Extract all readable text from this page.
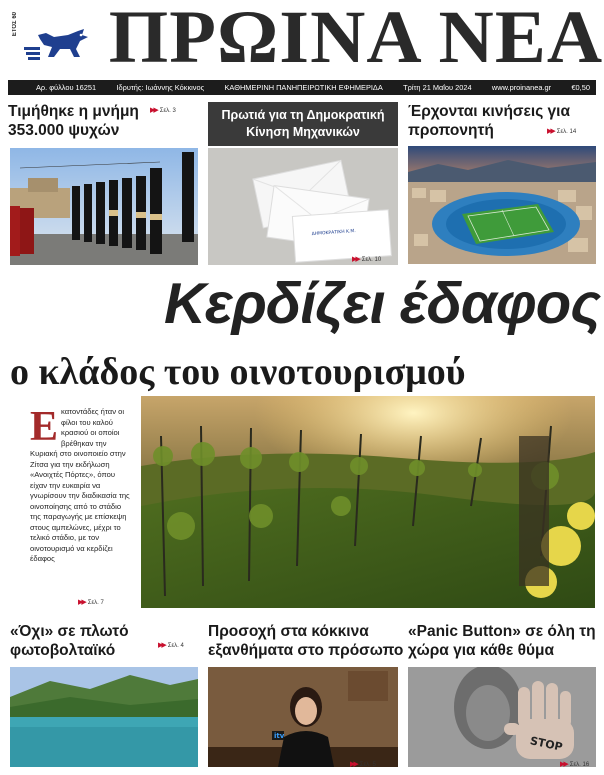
ΕΤΟΣ 60 ΠΡΩΙΝΑ ΝΕΑ
Αρ. φύλλου 16251	Ιδρυτής: Ιωάννης Κόκκινος	ΚΑΘΗΜΕΡΙΝΗ ΠΑΝΗΠΕΙΡΩΤΙΚΗ ΕΦΗΜΕΡΙΔΑ	Τρίτη 21 Μαΐου 2024	www.proinanea.gr	€0,50
Τιμήθηκε η μνήμη 353.000 ψυχών
▶▶ Σελ. 3	Πρωτιά για τη Δημοκρατική Κίνηση Μηχανικών
ΔΗΜΟΚΡΑΤΙΚΗ Κ.Μ.
▶▶ Σελ. 10
Έρχονται κινήσεις για προπονητή	▶▶ Σελ. 14
Κερδίζει έδαφος
ο κλάδος του οινοτουρισμού
Ε κατοντάδες ήταν οι φίλοι του καλού κρασιού οι οποίοι βρέθηκαν την Κυριακή στο οινοποιείο στην Ζίτσα για την εκδήλωση «Ανοιχτές Πόρτες», όπου είχαν την ευκαιρία να γνωρίσουν την διαδικασία της οινοποίησης από το στάδιο της παραγωγής με επίσκεψη στους αμπελώνες, μέχρι το τελικό στάδιο, με τον οινοτουρισμό να κερδίζει έδαφος
▶▶ Σελ. 7
«Όχι» σε πλωτό φωτοβολταϊκό	▶▶ Σελ. 4
Προσοχή στα κόκκινα εξανθήματα στο πρόσωπο
itv
▶▶ Σελ. 5
«Panic Button» σε όλη τη χώρα για κάθε θύμα
STOP
▶▶ Σελ. 16
